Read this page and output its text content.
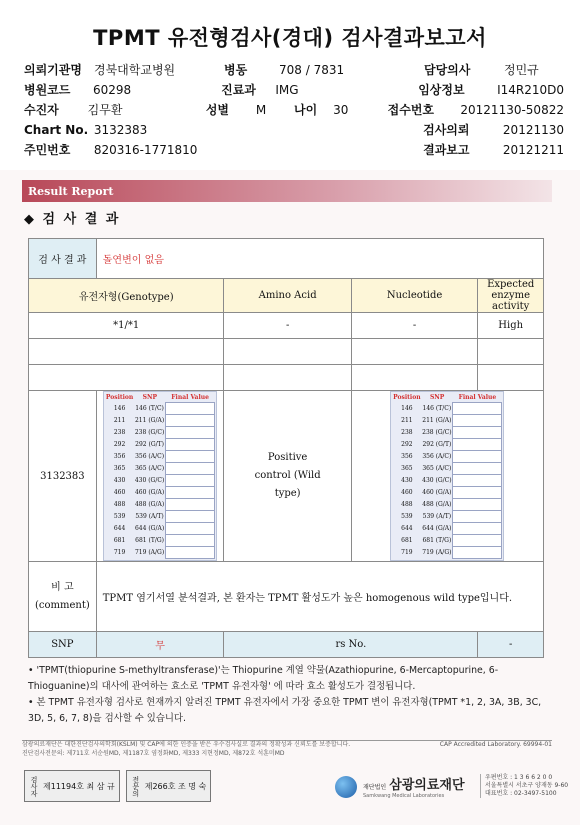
TPMT 유전형검사(경대) 검사결과보고서
의뢰기관명	경북대학교병원	병동	708 / 7831	담당의사	정민규
병원코드	60298	진료과	IMG	임상정보	I14R210D0
수진자	김무환	성별	M	나이	30	접수번호	20121130-50822
Chart No. 3132383	검사의뢰	20121130
주민번호	820316-1771810	결과보고	20121211
Result Report
◆ 검 사 결 과
검 사 결 과	돌연변이 없음
유전자형(Genotype)	Amino Acid	Nucleotide	Expected enzyme activity
*1/*1	-	-	High

3132383	
Position	SNP	Final Value
146	146 (T/C)	
211	211 (G/A)	
238	238 (G/C)	
292	292 (G/T)	
356	356 (A/C)	
365	365 (A/C)	
430	430 (G/C)	
460	460 (G/A)	
488	488 (G/A)	
539	539 (A/T)	
644	644 (G/A)	
681	681 (T/G)	
719	719 (A/G)	
	Positive control (Wild type)	
Position	SNP	Final Value
146	146 (T/C)	
211	211 (G/A)	
238	238 (G/C)	
292	292 (G/T)	
356	356 (A/C)	
365	365 (A/C)	
430	430 (G/C)	
460	460 (G/A)	
488	488 (G/A)	
539	539 (A/T)	
644	644 (G/A)	
681	681 (T/G)	
719	719 (A/G)	

비 고 (comment)	TPMT 염기서열 분석결과, 본 환자는 TPMT 활성도가 높은 homogenous wild type입니다.
SNP	무	rs No.	-
• 'TPMT(thiopurine S-methyltransferase)'는 Thiopurine 계열 약물(Azathiopurine, 6-Mercaptopurine, 6-Thioguanine)의 대사에 관여하는 효소로 'TPMT 유전자형' 에 따라 효소 활성도가 결정됩니다.
• 본 TPMT 유전자형 검사로 현재까지 알려진 TPMT 유전자에서 가장 중요한 TPMT 변이 유전자형(TPMT *1, 2, 3A, 3B, 3C, 3D, 5, 6, 7, 8)을 검사할 수 있습니다.
삼광의료재단은 대한진단검사의학회(KSLM) 및 CAP에 의한 인증을 받은 우수검사실로 결과의 정확성과 신뢰도를 보증합니다.	CAP Accredited Laboratory. 69994-01
진단검사전문의: 제711호 서순원MD, 제1187호 염정화MD, 제333 지현정MD, 제872호 석훈미MD
검사자 제11194호 최 삼 규 전문의 제266호 조 명 숙	재단법인 삼광의료재단
Samkwang Medical Laboratories
우편번호 : 1 3 6 6 2 0 0
서울특별시 서초구 양재동 9-60
대표번호 : 02-3497-5100
